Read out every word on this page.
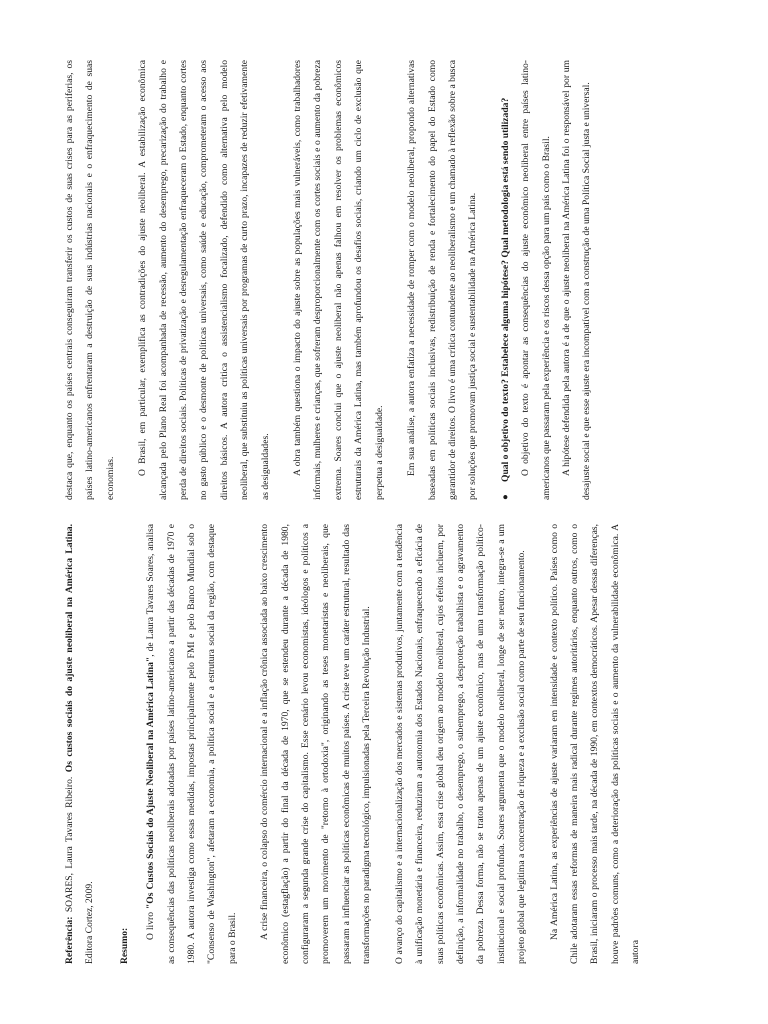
Referência: SOARES, Laura Tavares Ribeiro. Os custos sociais do ajuste neoliberal na América Latina. Editora Cortez, 2009.	Resumo:

O livro "Os Custos Sociais do Ajuste Neoliberal na América Latina", de Laura Tavares Soares, analisa as consequências das políticas neoliberais adotadas por países latino-americanos a partir das décadas de 1970 e 1980. A autora investiga como essas medidas, impostas principalmente pelo FMI e pelo Banco Mundial sob o "Consenso de Washington", afetaram a economia, a política social e a estrutura social da região, com destaque para o Brasil.	A crise financeira, o colapso do comércio internacional e a inflação crônica associada ao baixo crescimento econômico (estagflação) a partir do final da década de 1970, que se estendeu durante a década de 1980, configuraram a segunda grande crise do capitalismo. Esse cenário levou economistas, ideólogos e políticos a promoverem um movimento de "retorno à ortodoxia", originando as teses monetaristas e neoliberais, que passaram a influenciar as políticas econômicas de muitos países. A crise teve um caráter estrutural, resultado das transformações no paradigma tecnológico, impulsionadas pela Terceira Revolução Industrial.	O avanço do capitalismo e a internacionalização dos mercados e sistemas produtivos, juntamente com a tendência à unificação monetária e financeira, reduziram a autonomia dos Estados Nacionais, enfraquecendo a eficácia de suas políticas econômicas. Assim, essa crise global deu origem ao modelo neoliberal, cujos efeitos incluem, por definição, a informalidade no trabalho, o desemprego, o subemprego, a desproteção trabalhista e o agravamento da pobreza. Dessa forma, não se tratou apenas de um ajuste econômico, mas de uma transformação político-institucional e social profunda. Soares argumenta que o modelo neoliberal, longe de ser neutro, integra-se a um projeto global que legitima a concentração de riqueza e a exclusão social como parte de seu funcionamento.	Na América Latina, as experiências de ajuste variaram em intensidade e contexto político. Países como o Chile adotaram essas reformas de maneira mais radical durante regimes autoritários, enquanto outros, como o Brasil, iniciaram o processo mais tarde, na década de 1990, em contextos democráticos. Apesar dessas diferenças, houve padrões comuns, como a deterioração das políticas sociais e o aumento da vulnerabilidade econômica. A autora

destaca que, enquanto os países centrais conseguiram transferir os custos de suas crises para as periferias, os países latino-americanos enfrentaram a destruição de suas indústrias nacionais e o enfraquecimento de suas economias.

O Brasil, em particular, exemplifica as contradições do ajuste neoliberal. A estabilização econômica alcançada pelo Plano Real foi acompanhada de recessão, aumento do desemprego, precarização do trabalho e perda de direitos sociais. Políticas de privatização e desregulamentação enfraqueceram o Estado, enquanto cortes no gasto público e o desmonte de políticas universais, como saúde e educação, comprometeram o acesso aos direitos básicos. A autora critica o assistencialismo focalizado, defendido como alternativa pelo modelo neoliberal, que substituiu as políticas universais por programas de curto prazo, incapazes de reduzir efetivamente as desigualdades.	A obra também questiona o impacto do ajuste sobre as populações mais vulneráveis, como trabalhadores informais, mulheres e crianças, que sofreram desproporcionalmente com os cortes sociais e o aumento da pobreza extrema. Soares conclui que o ajuste neoliberal não apenas falhou em resolver os problemas econômicos estruturais da América Latina, mas também aprofundou os desafios sociais, criando um ciclo de exclusão que perpetua a desigualdade.	Em sua análise, a autora enfatiza a necessidade de romper com o modelo neoliberal, propondo alternativas baseadas em políticas sociais inclusivas, redistribuição de renda e fortalecimento do papel do Estado como garantidor de direitos. O livro é uma crítica contundente ao neoliberalismo e um chamado à reflexão sobre a busca por soluções que promovam justiça social e sustentabilidade na América Latina.	●
Qual o objetivo do texto? Estabelece alguma hipótese? Qual metodologia está sendo utilizada? O objetivo do texto é apontar as consequências do ajuste econômico neoliberal entre países latino-americanos que passaram pela experiência e os riscos dessa opção para um país como o Brasil. A hipótese defendida pela autora é a de que o ajuste neoliberal na América Latina foi o responsável por um desajuste social e que esse ajuste era incompatível com a construção de uma Política Social justa e universal.
